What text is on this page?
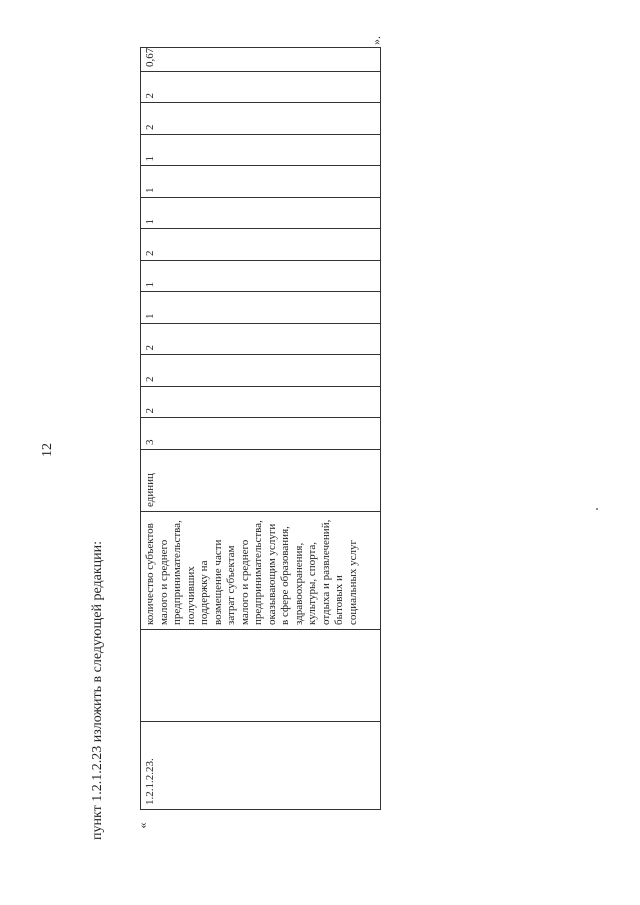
12
пункт 1.2.1.2.23 изложить в следующей редакции:	«
».
1.2.1.2.23.		количество субъектов малого и среднего предпринимательства, получивших поддержку на возмещение части затрат субъектам малого и среднего предпринимательства, оказывающим услуги в сфере образования, здравоохранения, культуры, спорта, отдыха и развлечений, бытовых и социальных услуг	единиц	3	2	2	2	1	1	2	1	1	1	2	2	0,67
